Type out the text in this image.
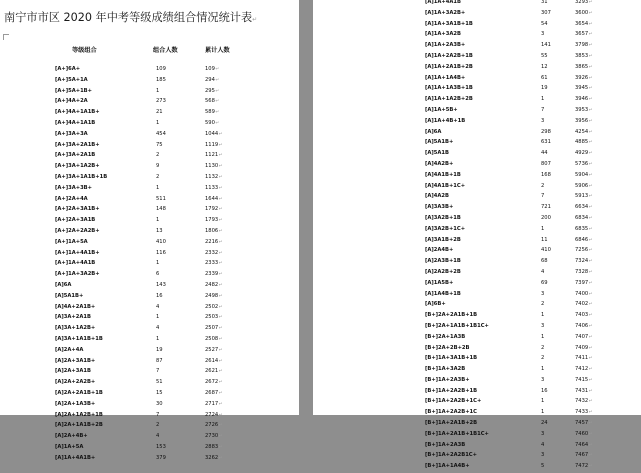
南宁市市区 2020 年中考等级成绩组合情况统计表↵
等级组合	组合人数	累计人数
[A+]6A+	109	109↵
[A+]5A+1A	185	294↵
[A+]5A+1B+	1	295↵
[A+]4A+2A	273	568↵
[A+]4A+1A1B+	21	589↵
[A+]4A+1A1B	1	590↵
[A+]3A+3A	454	1044↵
[A+]3A+2A1B+	75	1119↵
[A+]3A+2A1B	2	1121↵
[A+]3A+1A2B+	9	1130↵
[A+]3A+1A1B+1B	2	1132↵
[A+]3A+3B+	1	1133↵
[A+]2A+4A	511	1644↵
[A+]2A+3A1B+	148	1792↵
[A+]2A+3A1B	1	1793↵
[A+]2A+2A2B+	13	1806↵
[A+]1A+5A	410	2216↵
[A+]1A+4A1B+	116	2332↵
[A+]1A+4A1B	1	2333↵
[A+]1A+3A2B+	6	2339↵
[A]6A	143	2482↵
[A]5A1B+	16	2498↵
[A]4A+2A1B+	4	2502↵
[A]3A+2A1B	1	2503↵
[A]3A+1A2B+	4	2507↵
[A]3A+1A1B+1B	1	2508↵
[A]2A+4A	19	2527↵
[A]2A+3A1B+	87	2614↵
[A]2A+3A1B	7	2621↵
[A]2A+2A2B+	51	2672↵
[A]2A+2A1B+1B	15	2687↵
[A]2A+1A3B+	30	2717↵
[A]2A+1A2B+1B	7	2724↵
[A]2A+1A1B+2B	2	2726↵
[A]2A+4B+	4	2730↵
[A]1A+5A	153	2883↵
[A]1A+4A1B+	379	3262↵
[A]1A+4A1B	31	3293↵
[A]1A+3A2B+	307	3600↵
[A]1A+3A1B+1B	54	3654↵
[A]1A+3A2B	3	3657↵
[A]1A+2A3B+	141	3798↵
[A]1A+2A2B+1B	55	3853↵
[A]1A+2A1B+2B	12	3865↵
[A]1A+1A4B+	61	3926↵
[A]1A+1A3B+1B	19	3945↵
[A]1A+1A2B+2B	1	3946↵
[A]1A+5B+	7	3953↵
[A]1A+4B+1B	3	3956↵
[A]6A	298	4254↵
[A]5A1B+	631	4885↵
[A]5A1B	44	4929↵
[A]4A2B+	807	5736↵
[A]4A1B+1B	168	5904↵
[A]4A1B+1C+	2	5906↵
[A]4A2B	7	5913↵
[A]3A3B+	721	6634↵
[A]3A2B+1B	200	6834↵
[A]3A2B+1C+	1	6835↵
[A]3A1B+2B	11	6846↵
[A]2A4B+	410	7256↵
[A]2A3B+1B	68	7324↵
[A]2A2B+2B	4	7328↵
[A]1A5B+	69	7397↵
[A]1A4B+1B	3	7400↵
[A]6B+	2	7402↵
[B+]2A+2A1B+1B	1	7403↵
[B+]2A+1A1B+1B1C+	3	7406↵
[B+]2A+1A3B	1	7407↵
[B+]2A+2B+2B	2	7409↵
[B+]1A+3A1B+1B	2	7411↵
[B+]1A+3A2B	1	7412↵
[B+]1A+2A3B+	3	7415↵
[B+]1A+2A2B+1B	16	7431↵
[B+]1A+2A2B+1C+	1	7432↵
[B+]1A+2A2B+1C	1	7433↵
[B+]1A+2A1B+2B	24	7457↵
[B+]1A+2A1B+1B1C+	3	7460↵
[B+]1A+2A3B	4	7464↵
[B+]1A+2A2B1C+	3	7467↵
[B+]1A+1A4B+	5	7472↵
